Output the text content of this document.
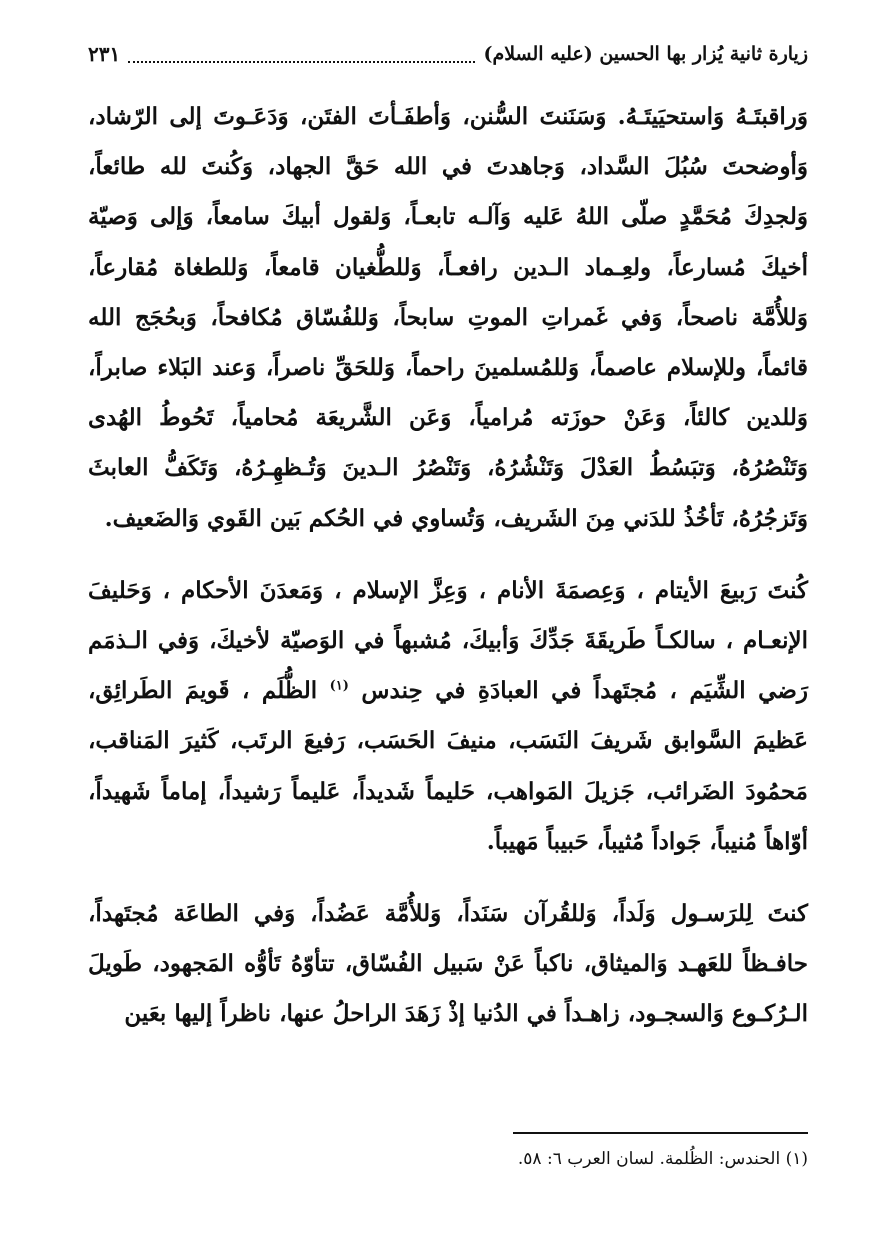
زيارة ثانية يُزار بها الحسين (عليه السلام)
٢٣١

وَراقبتَـهُ وَاستحيَيتَـهُ. وَسَنَنتَ السُّنن، وَأطفَـأتَ الفتَن، وَدَعَـوتَ إلى الرّشاد، وَأوضحتَ سُبُلَ السَّداد، وَجاهدتَ في الله حَقَّ الجهاد، وَكُنتَ لله طائعاً، وَلجدِكَ مُحَمَّدٍ صلّى اللهُ عَليه وَآلـه تابعـاً، وَلقول أبيكَ سامعاً، وَإلى وَصيّة أخيكَ مُسارعاً، ولعِـماد الـدين رافعـاً، وَللطُّغيان قامعاً، وَللطغاة مُقارعاً، وَللأُمَّة ناصحاً، وَفي غَمراتِ الموتِ سابحاً، وَللفُسّاق مُكافحاً، وَبحُجَج الله قائماً، وللإسلام عاصماً، وَللمُسلمينَ راحماً، وَللحَقِّ ناصراً، وَعند البَلاء صابراً، وَللدين كالئاً، وَعَنْ حوزَته مُرامياً، وَعَن الشَّريعَة مُحامياً، تَحُوطُ الهُدى وَتَنْصُرُهُ، وَتبَسُطُ العَدْلَ وَتَنْشُرُهُ، وَتَنْصُرُ الـدينَ وَتُـظهِـرُهُ، وَتَكَفُّ العابثَ وَتَزجُرُهُ، تَأخُذُ للدَني مِنَ الشَريف، وَتُساوي في الحُكم بَين القَوي وَالضَعيف.

كُنتَ رَبيعَ الأيتام ، وَعِصمَةَ الأنام ، وَعِزَّ الإسلام ، وَمَعدَنَ الأحكام ، وَحَليفَ الإنعـام ، سالكـاً طَريقَةَ جَدِّكَ وَأبيكَ، مُشبهاً في الوَصيّة لأخيكَ، وَفي الـذمَم رَضي الشِّيَم ، مُجتَهداً في العبادَةِ في حِندس $^{(١)}$ الظُّلَم ، قَويمَ الطَرائِق، عَظيمَ السَّوابق شَريفَ النَسَب، منيفَ الحَسَب، رَفيعَ الرتَب، كَثيرَ المَناقب، مَحمُودَ الضَرائب، جَزيلَ المَواهب، حَليماً شَديداً، عَليماً رَشيداً، إماماً شَهيداً، أوّاهاً مُنيباً، جَواداً مُثيباً، حَبيباً مَهيباً.

كنتَ لِلرَسـول وَلَداً، وَللقُرآن سَنَداً، وَللأُمَّة عَضُداً، وَفي الطاعَة مُجتَهداً، حافـظاً للعَهـد وَالميثاق، ناكباً عَنْ سَبيل الفُسّاق، تتأوّهُ تَأوُّه المَجهود، طَويلَ الـرُكـوع وَالسجـود، زاهـداً في الدُنيا إذْ زَهَدَ الراحلُ عنها، ناظراً إليها بعَين

(١) الحندس: الظُلمة. لسان العرب ٦: ٥٨.
